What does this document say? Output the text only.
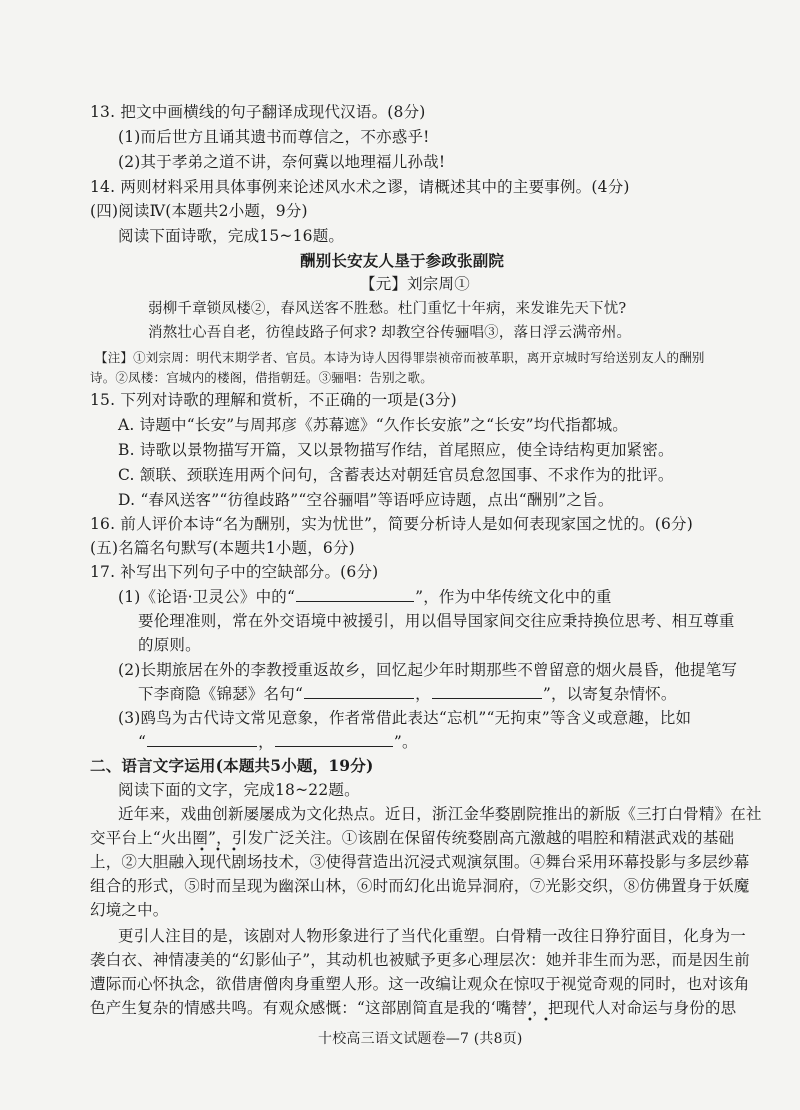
13. 把文中画横线的句子翻译成现代汉语。(8分)
(1)而后世方且诵其遗书而尊信之，不亦惑乎!
(2)其于孝弟之道不讲，奈何冀以地理福儿孙哉!
14. 两则材料采用具体事例来论述风水术之谬，请概述其中的主要事例。(4分)
(四)阅读Ⅳ(本题共2小题，9分)
阅读下面诗歌，完成15~16题。
酬别长安友人垦于参政张副院
【元】刘宗周①
弱柳千章锁凤楼②，春风送客不胜愁。杜门重忆十年病，来发谁先天下忧?
消熬壮心吾自老，彷徨歧路子何求? 却教空谷传骊唱③，落日浮云满帝州。
【注】①刘宗周：明代末期学者、官员。本诗为诗人因得罪崇祯帝而被革职，离开京城时写给送别友人的酬别
诗。②凤楼：宫城内的楼阁，借指朝廷。③骊唱：告别之歌。
15. 下列对诗歌的理解和赏析，不正确的一项是(3分)
A. 诗题中“长安”与周邦彦《苏幕遮》“久作长安旅”之“长安”均代指都城。
B. 诗歌以景物描写开篇，又以景物描写作结，首尾照应，使全诗结构更加紧密。
C. 颔联、颈联连用两个问句，含蓄表达对朝廷官员怠忽国事、不求作为的批评。
D. “春风送客”“彷徨歧路”“空谷骊唱”等语呼应诗题，点出“酬别”之旨。
16. 前人评价本诗“名为酬别，实为忧世”，简要分析诗人是如何表现家国之忧的。(6分)
(五)名篇名句默写(本题共1小题，6分)
17. 补写出下列句子中的空缺部分。(6分)
(1)《论语·卫灵公》中的“	”，作为中华传统文化中的重
要伦理准则，常在外交语境中被援引，用以倡导国家间交往应秉持换位思考、相互尊重
的原则。
(2)长期旅居在外的李教授重返故乡，回忆起少年时期那些不曾留意的烟火晨昏，他提笔写
下李商隐《锦瑟》名句“	，	”，以寄复杂情怀。
(3)鸥鸟为古代诗文常见意象，作者常借此表达“忘机”“无拘束”等含义或意趣，比如
“	，	”。
二、语言文字运用(本题共5小题，19分)
阅读下面的文字，完成18~22题。
近年来，戏曲创新屡屡成为文化热点。近日，浙江金华婺剧院推出的新版《三打白骨精》在社
交平台上“火出圈”，引发广泛关注。①该剧在保留传统婺剧高亢激越的唱腔和精湛武戏的基础
上，②大胆融入现代剧场技术，③使得营造出沉浸式观演氛围。④舞台采用环幕投影与多层纱幕
组合的形式，⑤时而呈现为幽深山林，⑥时而幻化出诡异洞府，⑦光影交织，⑧仿佛置身于妖魔
幻境之中。
更引人注目的是，该剧对人物形象进行了当代化重塑。白骨精一改往日狰狞面目，化身为一
袭白衣、神情凄美的“幻影仙子”，其动机也被赋予更多心理层次：她并非生而为恶，而是因生前
遭际而心怀执念，欲借唐僧肉身重塑人形。这一改编让观众在惊叹于视觉奇观的同时，也对该角
色产生复杂的情感共鸣。有观众感慨：“这部剧简直是我的‘嘴替’，把现代人对命运与身份的思
• • •
• •
十校高三语文试题卷—7 (共8页)
